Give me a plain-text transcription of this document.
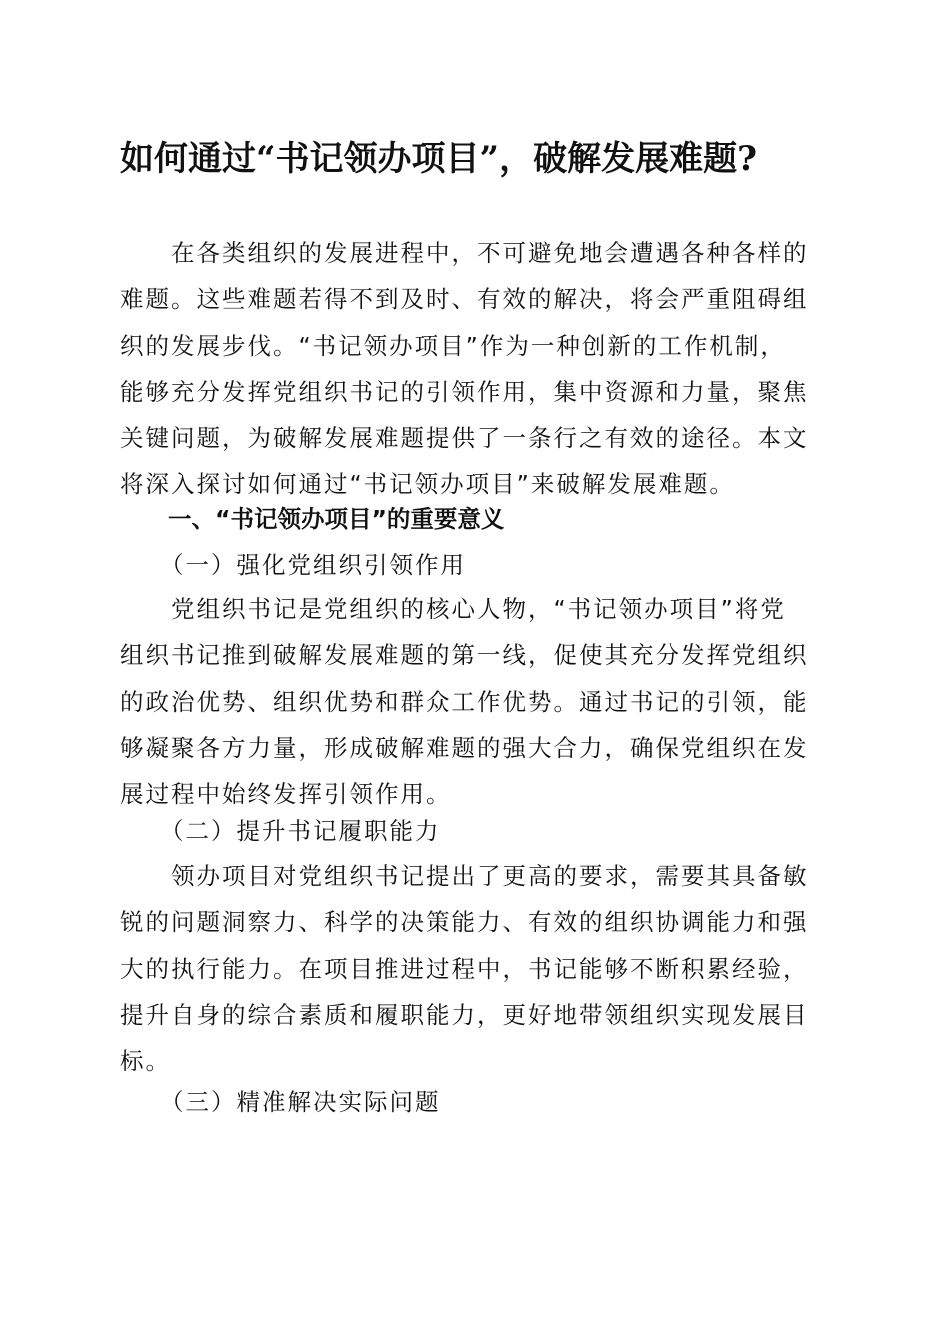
如何通过“书记领办项目”，破解发展难题?
　　在各类组织的发展进程中，不可避免地会遭遇各种各样的
难题。这些难题若得不到及时、有效的解决，将会严重阻碍组
织的发展步伐。“书记领办项目”作为一种创新的工作机制，
能够充分发挥党组织书记的引领作用，集中资源和力量，聚焦
关键问题，为破解发展难题提供了一条行之有效的途径。本文
将深入探讨如何通过“书记领办项目”来破解发展难题。
一、“书记领办项目”的重要意义
（一）强化党组织引领作用
　　党组织书记是党组织的核心人物，“书记领办项目”将党
组织书记推到破解发展难题的第一线，促使其充分发挥党组织
的政治优势、组织优势和群众工作优势。通过书记的引领，能
够凝聚各方力量，形成破解难题的强大合力，确保党组织在发
展过程中始终发挥引领作用。
（二）提升书记履职能力
　　领办项目对党组织书记提出了更高的要求，需要其具备敏
锐的问题洞察力、科学的决策能力、有效的组织协调能力和强
大的执行能力。在项目推进过程中，书记能够不断积累经验，
提升自身的综合素质和履职能力，更好地带领组织实现发展目
标。
（三）精准解决实际问题
